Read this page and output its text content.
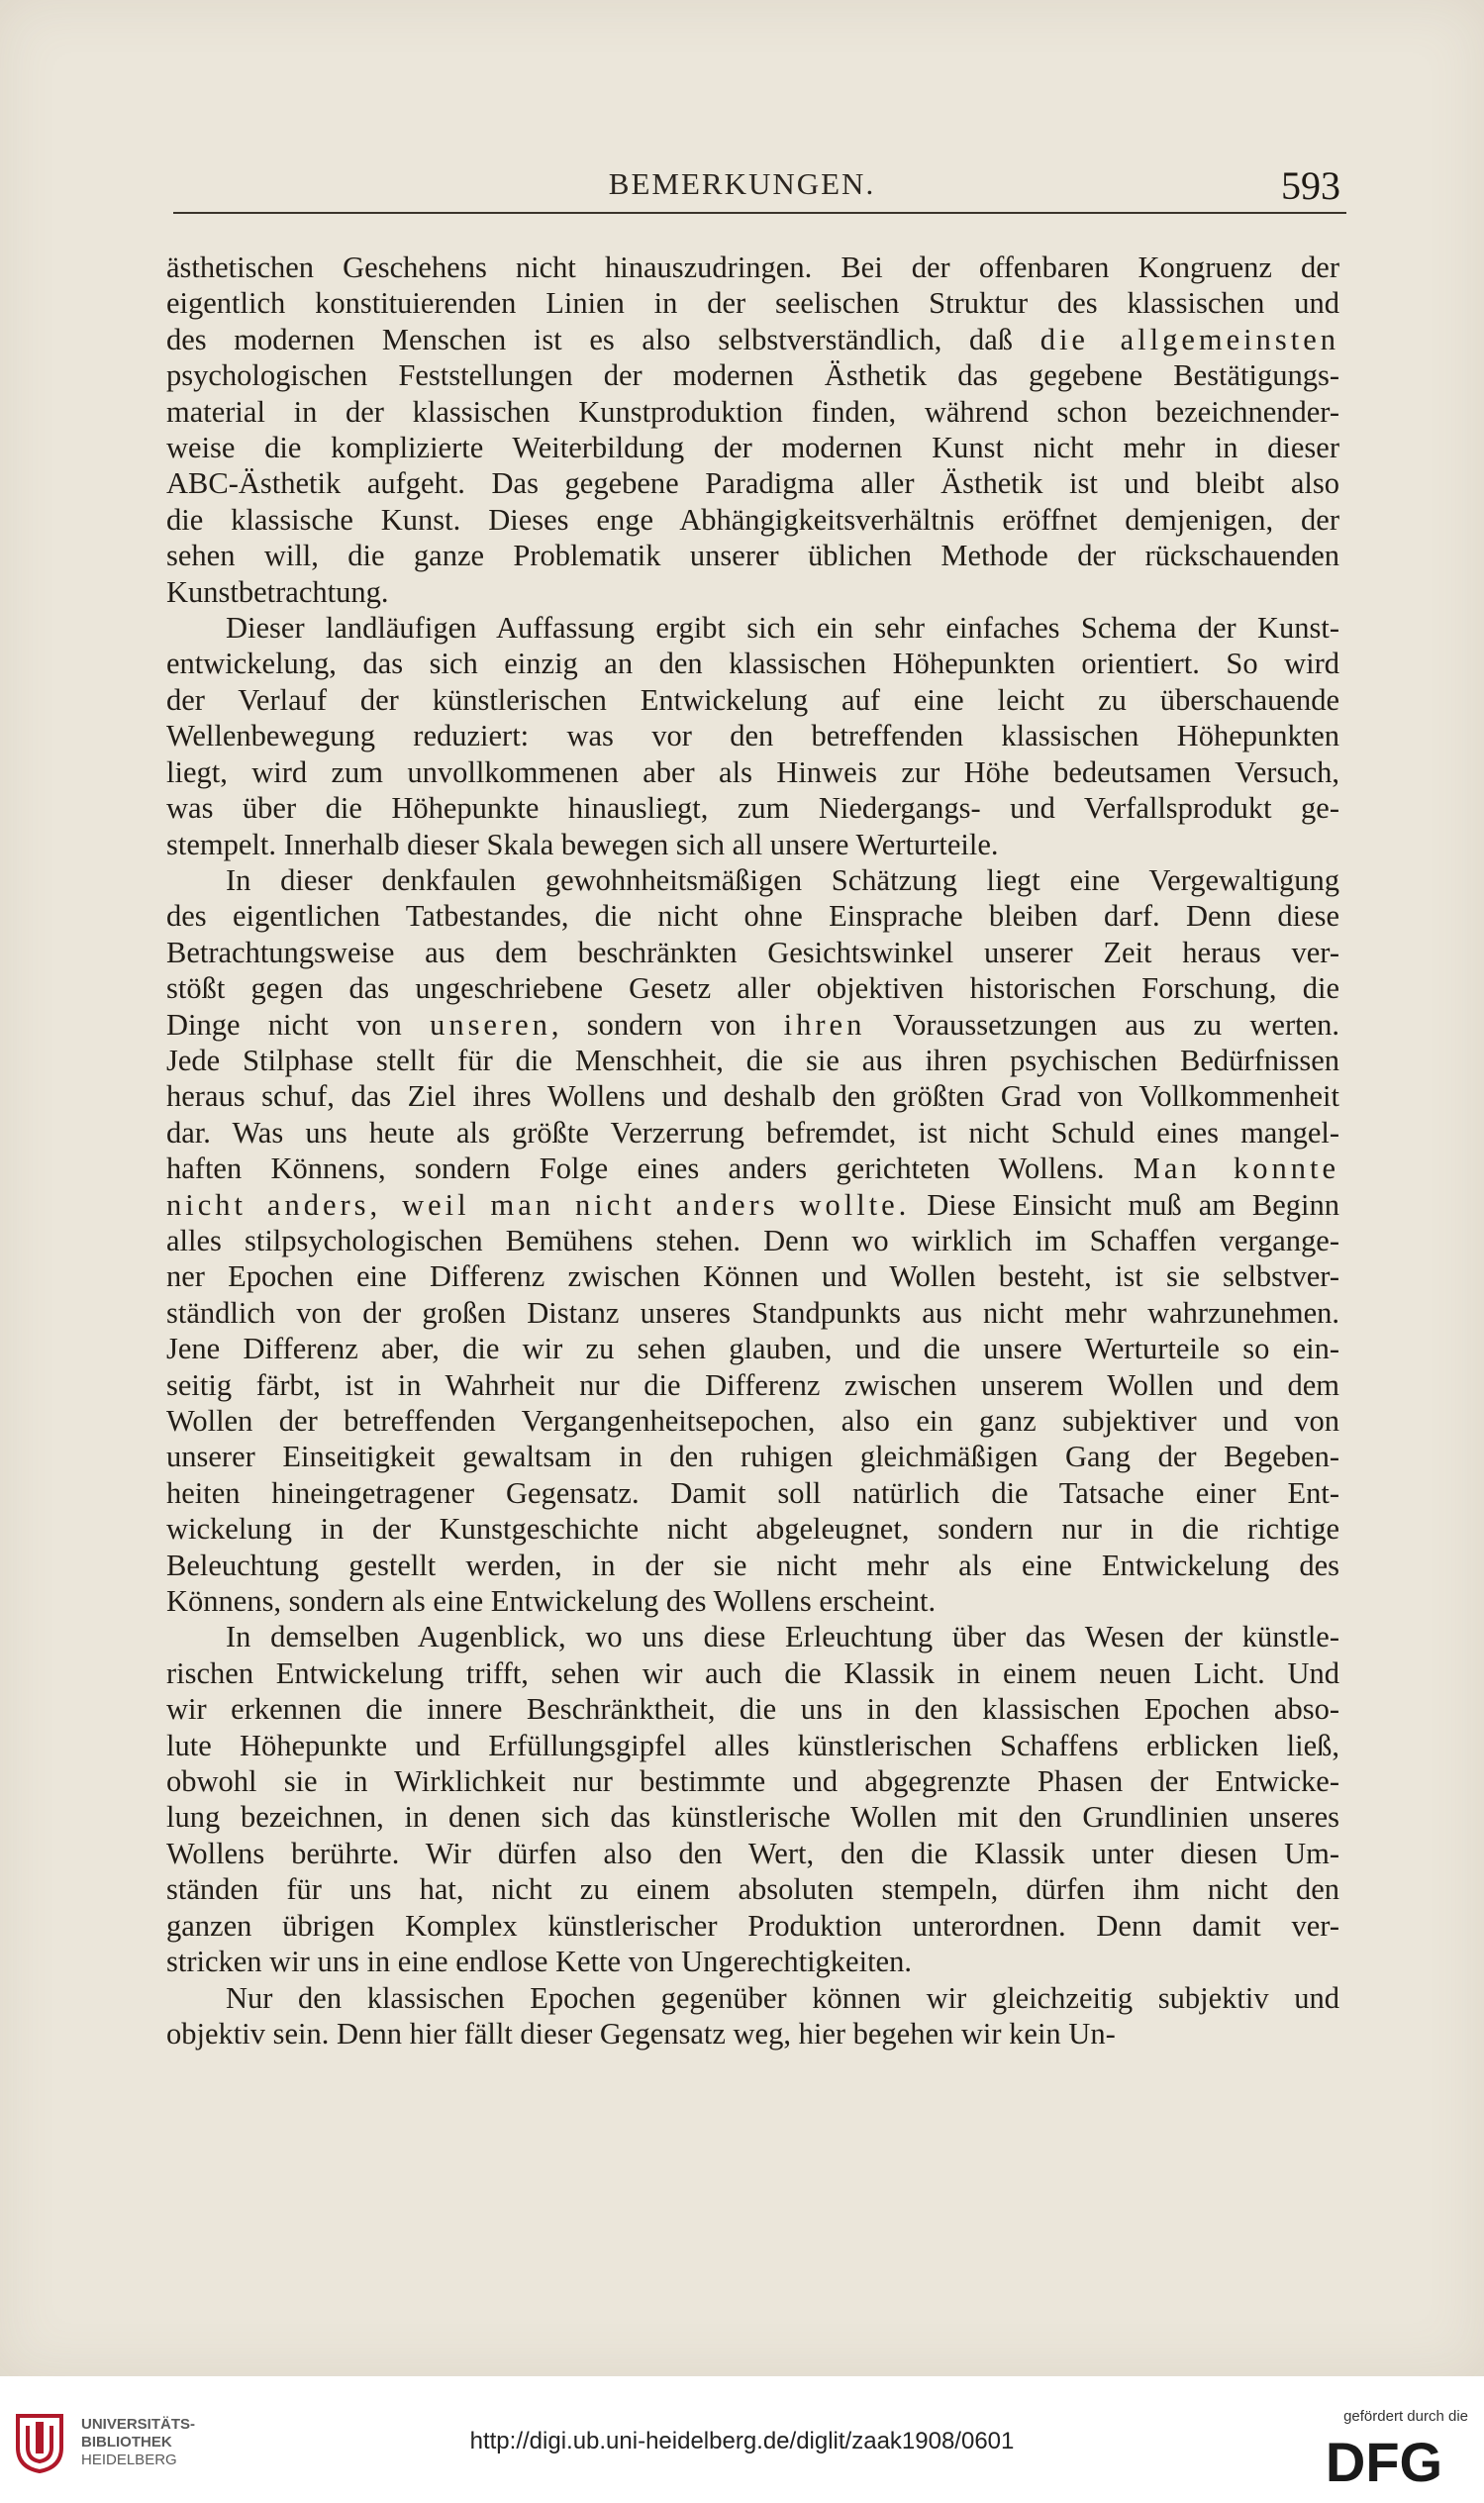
BEMERKUNGEN.	593
ästhetischen Geschehens nicht hinauszudringen. Bei der offenbaren Kongruenz der
eigentlich konstituierenden Linien in der seelischen Struktur des klassischen und
des modernen Menschen ist es also selbstverständlich, daß die allgemeinsten
psychologischen Feststellungen der modernen Ästhetik das gegebene Bestätigungs-
material in der klassischen Kunstproduktion finden, während schon bezeichnender-
weise die komplizierte Weiterbildung der modernen Kunst nicht mehr in dieser
ABC-Ästhetik aufgeht. Das gegebene Paradigma aller Ästhetik ist und bleibt also
die klassische Kunst. Dieses enge Abhängigkeitsverhältnis eröffnet demjenigen, der
sehen will, die ganze Problematik unserer üblichen Methode der rückschauenden
Kunstbetrachtung.
Dieser landläufigen Auffassung ergibt sich ein sehr einfaches Schema der Kunst-
entwickelung, das sich einzig an den klassischen Höhepunkten orientiert. So wird
der Verlauf der künstlerischen Entwickelung auf eine leicht zu überschauende
Wellenbewegung reduziert: was vor den betreffenden klassischen Höhepunkten
liegt, wird zum unvollkommenen aber als Hinweis zur Höhe bedeutsamen Versuch,
was über die Höhepunkte hinausliegt, zum Niedergangs- und Verfallsprodukt ge-
stempelt. Innerhalb dieser Skala bewegen sich all unsere Werturteile.
In dieser denkfaulen gewohnheitsmäßigen Schätzung liegt eine Vergewaltigung
des eigentlichen Tatbestandes, die nicht ohne Einsprache bleiben darf. Denn diese
Betrachtungsweise aus dem beschränkten Gesichtswinkel unserer Zeit heraus ver-
stößt gegen das ungeschriebene Gesetz aller objektiven historischen Forschung, die
Dinge nicht von unseren, sondern von ihren Voraussetzungen aus zu werten.
Jede Stilphase stellt für die Menschheit, die sie aus ihren psychischen Bedürfnissen
heraus schuf, das Ziel ihres Wollens und deshalb den größten Grad von Vollkommenheit
dar. Was uns heute als größte Verzerrung befremdet, ist nicht Schuld eines mangel-
haften Könnens, sondern Folge eines anders gerichteten Wollens. Man konnte
nicht anders, weil man nicht anders wollte. Diese Einsicht muß am Beginn
alles stilpsychologischen Bemühens stehen. Denn wo wirklich im Schaffen vergange-
ner Epochen eine Differenz zwischen Können und Wollen besteht, ist sie selbstver-
ständlich von der großen Distanz unseres Standpunkts aus nicht mehr wahrzunehmen.
Jene Differenz aber, die wir zu sehen glauben, und die unsere Werturteile so ein-
seitig färbt, ist in Wahrheit nur die Differenz zwischen unserem Wollen und dem
Wollen der betreffenden Vergangenheitsepochen, also ein ganz subjektiver und von
unserer Einseitigkeit gewaltsam in den ruhigen gleichmäßigen Gang der Begeben-
heiten hineingetragener Gegensatz. Damit soll natürlich die Tatsache einer Ent-
wickelung in der Kunstgeschichte nicht abgeleugnet, sondern nur in die richtige
Beleuchtung gestellt werden, in der sie nicht mehr als eine Entwickelung des
Könnens, sondern als eine Entwickelung des Wollens erscheint.
In demselben Augenblick, wo uns diese Erleuchtung über das Wesen der künstle-
rischen Entwickelung trifft, sehen wir auch die Klassik in einem neuen Licht. Und
wir erkennen die innere Beschränktheit, die uns in den klassischen Epochen abso-
lute Höhepunkte und Erfüllungsgipfel alles künstlerischen Schaffens erblicken ließ,
obwohl sie in Wirklichkeit nur bestimmte und abgegrenzte Phasen der Entwicke-
lung bezeichnen, in denen sich das künstlerische Wollen mit den Grundlinien unseres
Wollens berührte. Wir dürfen also den Wert, den die Klassik unter diesen Um-
ständen für uns hat, nicht zu einem absoluten stempeln, dürfen ihm nicht den
ganzen übrigen Komplex künstlerischer Produktion unterordnen. Denn damit ver-
stricken wir uns in eine endlose Kette von Ungerechtigkeiten.
Nur den klassischen Epochen gegenüber können wir gleichzeitig subjektiv und
objektiv sein. Denn hier fällt dieser Gegensatz weg, hier begehen wir kein Un-
UNIVERSITÄTS-
BIBLIOTHEK
HEIDELBERG
http://digi.ub.uni-heidelberg.de/diglit/zaak1908/0601
gefördert durch die
DFG
